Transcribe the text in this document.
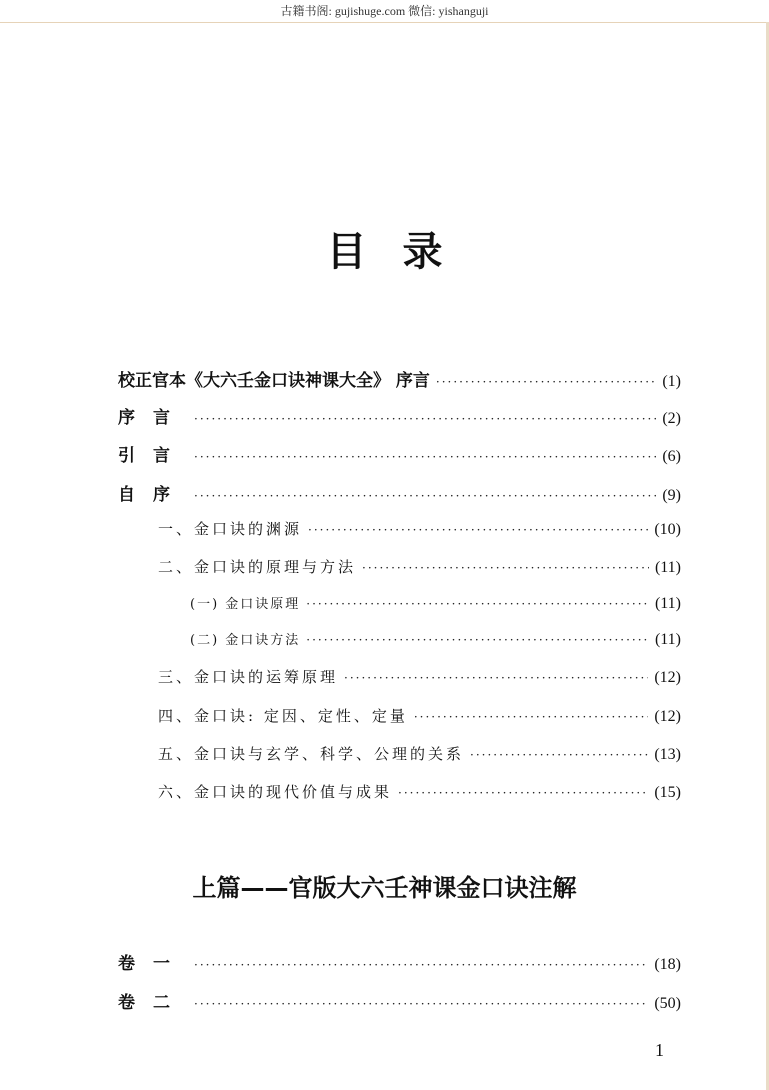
古籍书阁: gujishuge.com 微信: yishanguji
目录
校正官本《大六壬金口诀神课大全》 序言 ·····	(1)
序言 ·····	(2)
引言 ·····	(6)
自序 ·····	(9)
一、金口诀的渊源 ·····	(10)
二、金口诀的原理与方法 ·····	(11)
(一) 金口诀原理 ·····	(11)
(二) 金口诀方法 ·····	(11)
三、金口诀的运筹原理 ·····	(12)
四、金口诀: 定因、定性、定量 ·····	(12)
五、金口诀与玄学、科学、公理的关系 ·····	(13)
六、金口诀的现代价值与成果 ·····	(15)
上篇——官版大六壬神课金口诀注解
卷一 ·····	(18)
卷二 ·····	(50)
1
